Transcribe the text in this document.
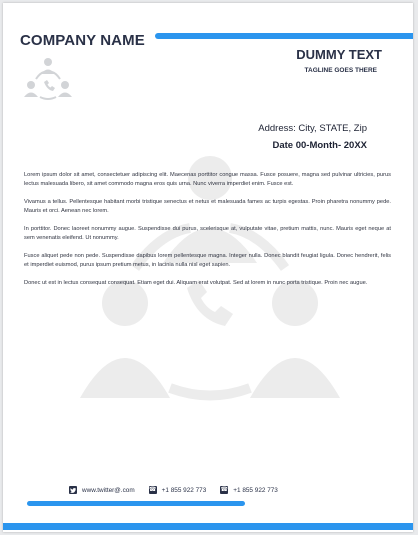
COMPANY NAME
DUMMY TEXT
TAGLINE GOES THERE
Address: City, STATE, Zip
Date 00-Month- 20XX

Lorem ipsum dolor sit amet, consectetuer adipiscing elit. Maecenas porttitor congue massa. Fusce posuere, magna sed pulvinar ultricies, purus lectus malesuada libero, sit amet commodo magna eros quis urna. Nunc viverra imperdiet enim. Fusce est.

Vivamus a tellus. Pellentesque habitant morbi tristique senectus et netus et malesuada fames ac turpis egestas. Proin pharetra nonummy pede. Mauris et orci. Aenean nec lorem.

In porttitor. Donec laoreet nonummy augue. Suspendisse dui purus, scelerisque at, vulputate vitae, pretium mattis, nunc. Mauris eget neque at sem venenatis eleifend. Ut nonummy.

Fusce aliquet pede non pede. Suspendisse dapibus lorem pellentesque magna. Integer nulla. Donec blandit feugiat ligula. Donec hendrerit, felis et imperdiet euismod, purus ipsum pretium metus, in lacinia nulla nisl eget sapien.

Donec ut est in lectus consequat consequat. Etiam eget dui. Aliquam erat volutpat. Sed at lorem in nunc porta tristique. Proin nec augue.

www.twitter@.com ☎ +1 855 922 773 ☎ +1 855 922 773
